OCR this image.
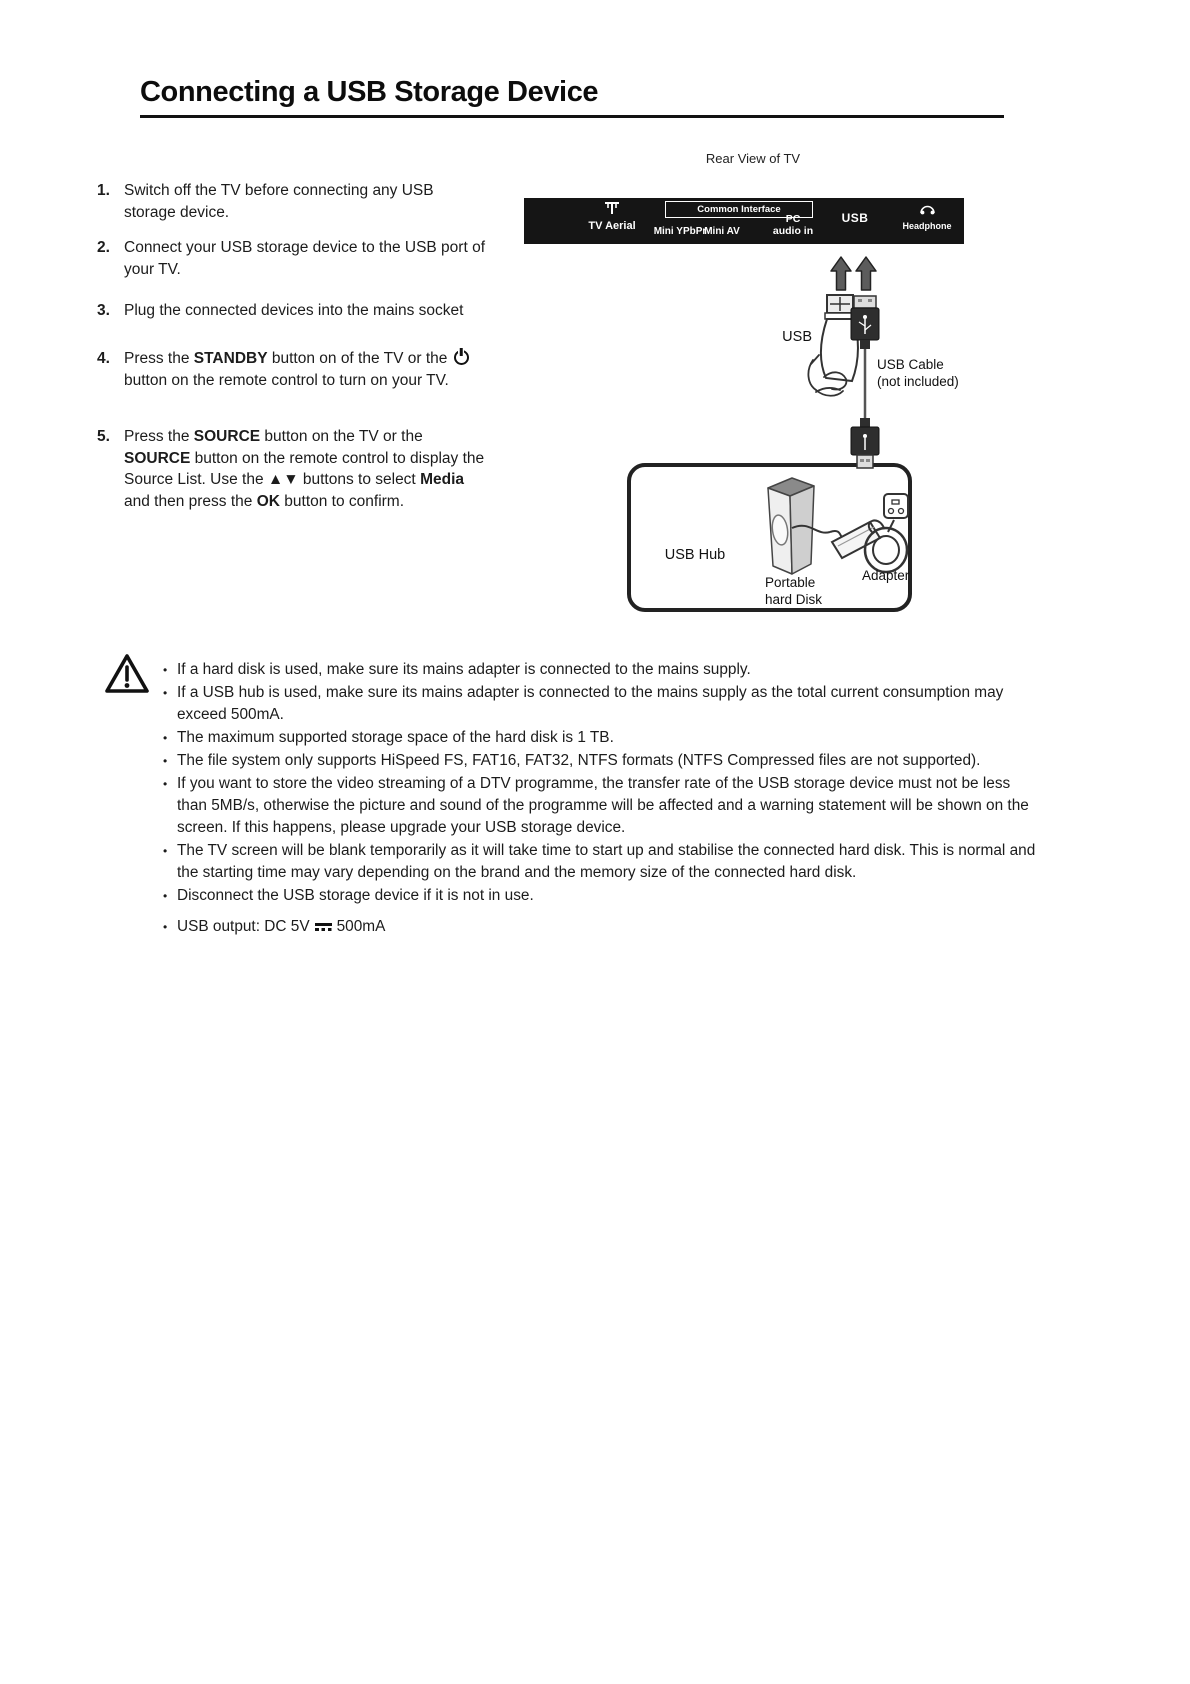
Connecting a USB Storage Device
1. Switch off the TV before connecting any USB storage device.
2. Connect your USB storage device to the USB port of your TV.
3. Plug the connected devices into the mains socket
4. Press the STANDBY button on of the TV or the  button on the remote control to turn on your TV.
5. Press the SOURCE button on the TV or the SOURCE button on the remote control to display the Source List. Use the ▲▼ buttons to select Media and then press the OK button to confirm.
Rear View of TV
TV Aerial
Common Interface
Mini YPbPr
Mini AV
PC
audio in
USB
Headphone
USB
USB Cable
(not included)
USB Hub
Portable
hard Disk
Adapter
• If a hard disk is used, make sure its mains adapter is connected to the mains supply.
• If a USB hub is used, make sure its mains adapter is connected to the mains supply as the total current consumption may exceed 500mA.
• The maximum supported storage space of the hard disk is 1 TB.
• The file system only supports HiSpeed FS, FAT16, FAT32, NTFS formats (NTFS Compressed files are not supported).
• If you want to store the video streaming of a DTV programme, the transfer rate of the USB storage device must not be less than 5MB/s, otherwise the picture and sound of the programme will be affected and a warning statement will be shown on the screen. If this happens, please upgrade your USB storage device.
• The TV screen will be blank temporarily as it will take time to start up and stabilise the connected hard disk. This is normal and the starting time may vary depending on the brand and the memory size of the connected hard disk.
• Disconnect the USB storage device if it is not in use.
• USB output: DC 5V 500mA
